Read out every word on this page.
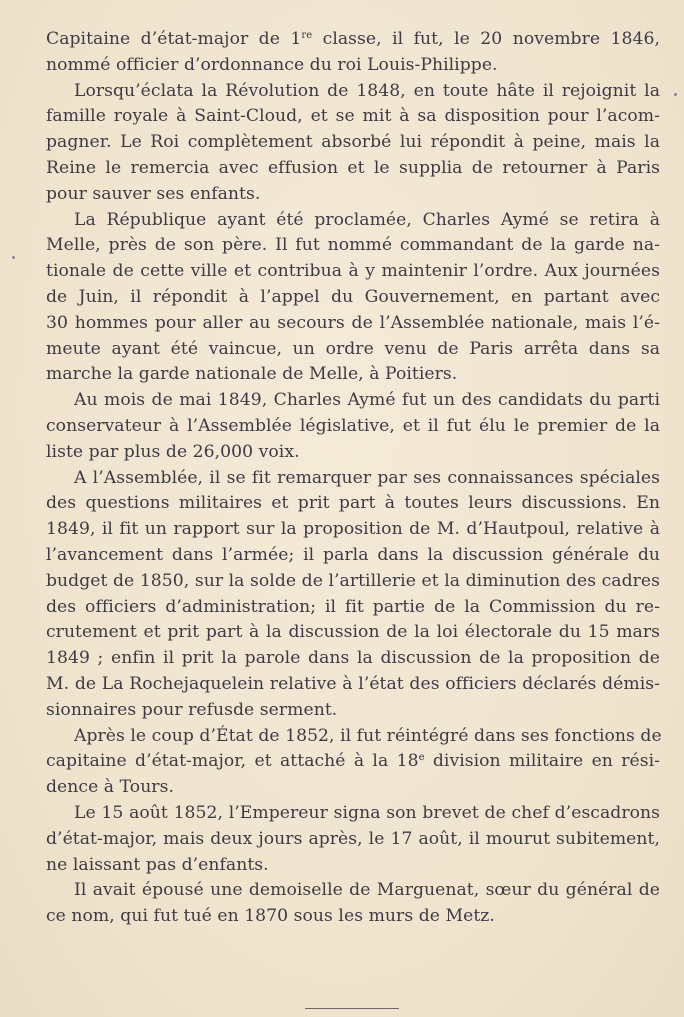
Capitaine d’état-major de 1re classe, il fut, le 20 novembre 1846,
nommé officier d’ordonnance du roi Louis-Philippe.
Lorsqu’éclata la Révolution de 1848, en toute hâte il rejoignit la
famille royale à Saint-Cloud, et se mit à sa disposition pour l’acom-
pagner. Le Roi complètement absorbé lui répondit à peine, mais la
Reine le remercia avec effusion et le supplia de retourner à Paris
pour sauver ses enfants.
La République ayant été proclamée, Charles Aymé se retira à
Melle, près de son père. Il fut nommé commandant de la garde na-
tionale de cette ville et contribua à y maintenir l’ordre. Aux journées
de Juin, il répondit à l’appel du Gouvernement, en partant avec
30 hommes pour aller au secours de l’Assemblée nationale, mais l’é-
meute ayant été vaincue, un ordre venu de Paris arrêta dans sa
marche la garde nationale de Melle, à Poitiers.
Au mois de mai 1849, Charles Aymé fut un des candidats du parti
conservateur à l’Assemblée législative, et il fut élu le premier de la
liste par plus de 26,000 voix.
A l’Assemblée, il se fit remarquer par ses connaissances spéciales
des questions militaires et prit part à toutes leurs discussions. En
1849, il fit un rapport sur la proposition de M. d’Hautpoul, relative à
l’avancement dans l’armée; il parla dans la discussion générale du
budget de 1850, sur la solde de l’artillerie et la diminution des cadres
des officiers d’administration; il fit partie de la Commission du re-
crutement et prit part à la discussion de la loi électorale du 15 mars
1849 ; enfin il prit la parole dans la discussion de la proposition de
M. de La Rochejaquelein relative à l’état des officiers déclarés démis-
sionnaires pour refusde serment.
Après le coup d’État de 1852, il fut réintégré dans ses fonctions de
capitaine d’état-major, et attaché à la 18e division militaire en rési-
dence à Tours.
Le 15 août 1852, l’Empereur signa son brevet de chef d’escadrons
d’état-major, mais deux jours après, le 17 août, il mourut subitement,
ne laissant pas d’enfants.
Il avait épousé une demoiselle de Marguenat, sœur du général de
ce nom, qui fut tué en 1870 sous les murs de Metz.
